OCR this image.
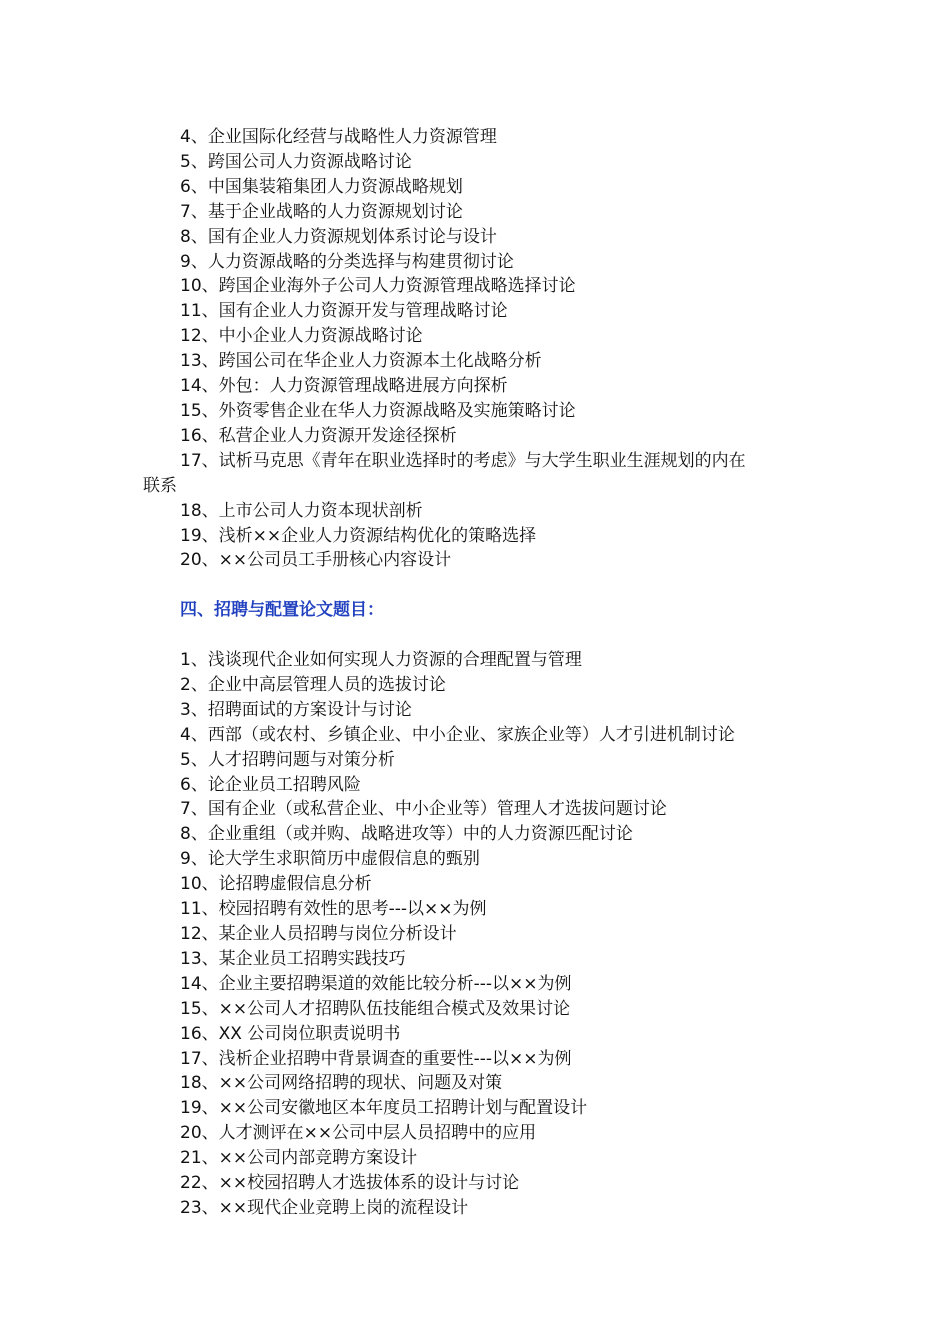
4、企业国际化经营与战略性人力资源管理
5、跨国公司人力资源战略讨论
6、中国集装箱集团人力资源战略规划
7、基于企业战略的人力资源规划讨论
8、国有企业人力资源规划体系讨论与设计
9、人力资源战略的分类选择与构建贯彻讨论
10、跨国企业海外子公司人力资源管理战略选择讨论
11、国有企业人力资源开发与管理战略讨论
12、中小企业人力资源战略讨论
13、跨国公司在华企业人力资源本土化战略分析
14、外包：人力资源管理战略进展方向探析
15、外资零售企业在华人力资源战略及实施策略讨论
16、私营企业人力资源开发途径探析
17、试析马克思《青年在职业选择时的考虑》与大学生职业生涯规划的内在
联系
18、上市公司人力资本现状剖析
19、浅析××企业人力资源结构优化的策略选择
20、××公司员工手册核心内容设计
四、招聘与配置论文题目：
1、浅谈现代企业如何实现人力资源的合理配置与管理
2、企业中高层管理人员的选拔讨论
3、招聘面试的方案设计与讨论
4、西部（或农村、乡镇企业、中小企业、家族企业等）人才引进机制讨论
5、人才招聘问题与对策分析
6、论企业员工招聘风险
7、国有企业（或私营企业、中小企业等）管理人才选拔问题讨论
8、企业重组（或并购、战略进攻等）中的人力资源匹配讨论
9、论大学生求职简历中虚假信息的甄别
10、论招聘虚假信息分析
11、校园招聘有效性的思考---以××为例
12、某企业人员招聘与岗位分析设计
13、某企业员工招聘实践技巧
14、企业主要招聘渠道的效能比较分析---以××为例
15、××公司人才招聘队伍技能组合模式及效果讨论
16、XX 公司岗位职责说明书
17、浅析企业招聘中背景调查的重要性---以××为例
18、××公司网络招聘的现状、问题及对策
19、××公司安徽地区本年度员工招聘计划与配置设计
20、人才测评在××公司中层人员招聘中的应用
21、××公司内部竞聘方案设计
22、××校园招聘人才选拔体系的设计与讨论
23、××现代企业竞聘上岗的流程设计
